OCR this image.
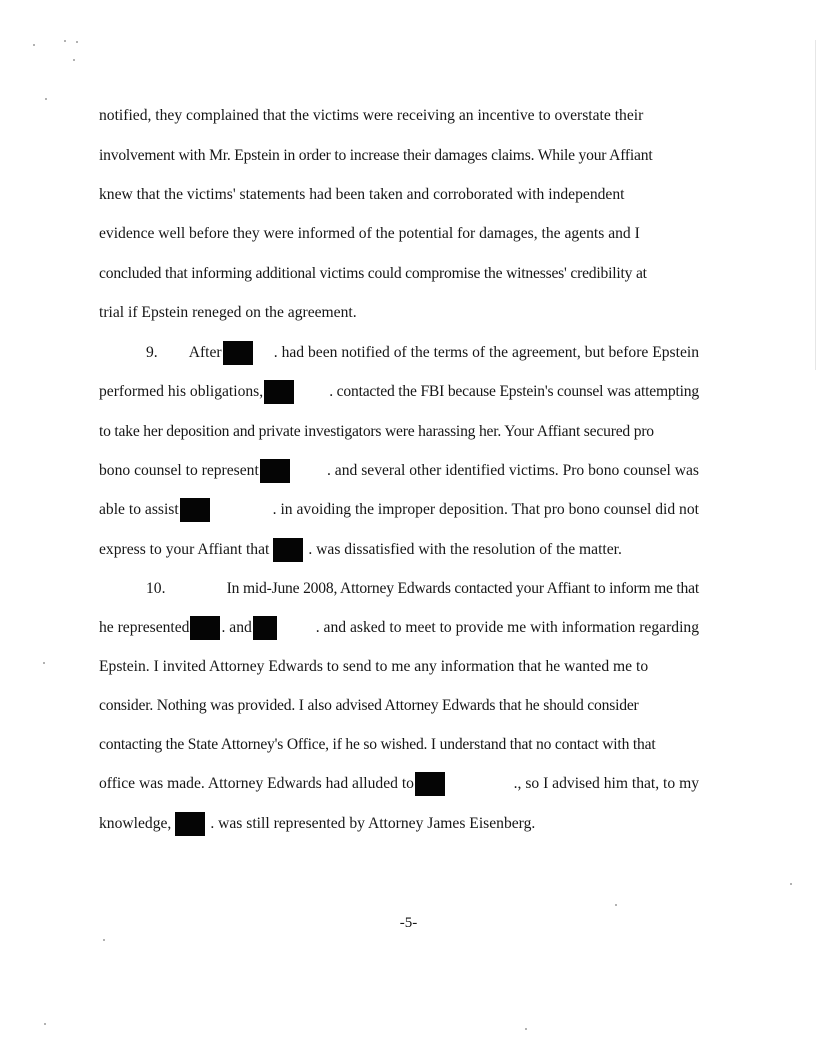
notified, they complained that the victims were receiving an incentive to overstate their
involvement with Mr. Epstein in order to increase their damages claims. While your Affiant
knew that the victims' statements had been taken and corroborated with independent
evidence well before they were informed of the potential for damages, the agents and I
concluded that informing additional victims could compromise the witnesses' credibility at
trial if Epstein reneged on the agreement.
9. After	. had been notified of the terms of the agreement, but before Epstein
performed his obligations,	. contacted the FBI because Epstein's counsel was attempting
to take her deposition and private investigators were harassing her. Your Affiant secured pro
bono counsel to represent	. and several other identified victims. Pro bono counsel was
able to assist	. in avoiding the improper deposition. That pro bono counsel did not
express to your Affiant that	. was dissatisfied with the resolution of the matter.
10.	In mid-June 2008, Attorney Edwards contacted your Affiant to inform me that
he represented . and	. and asked to meet to provide me with information regarding
Epstein. I invited Attorney Edwards to send to me any information that he wanted me to
consider. Nothing was provided. I also advised Attorney Edwards that he should consider
contacting the State Attorney's Office, if he so wished. I understand that no contact with that
office was made. Attorney Edwards had alluded to	., so I advised him that, to my
knowledge,	. was still represented by Attorney James Eisenberg.
-5-
